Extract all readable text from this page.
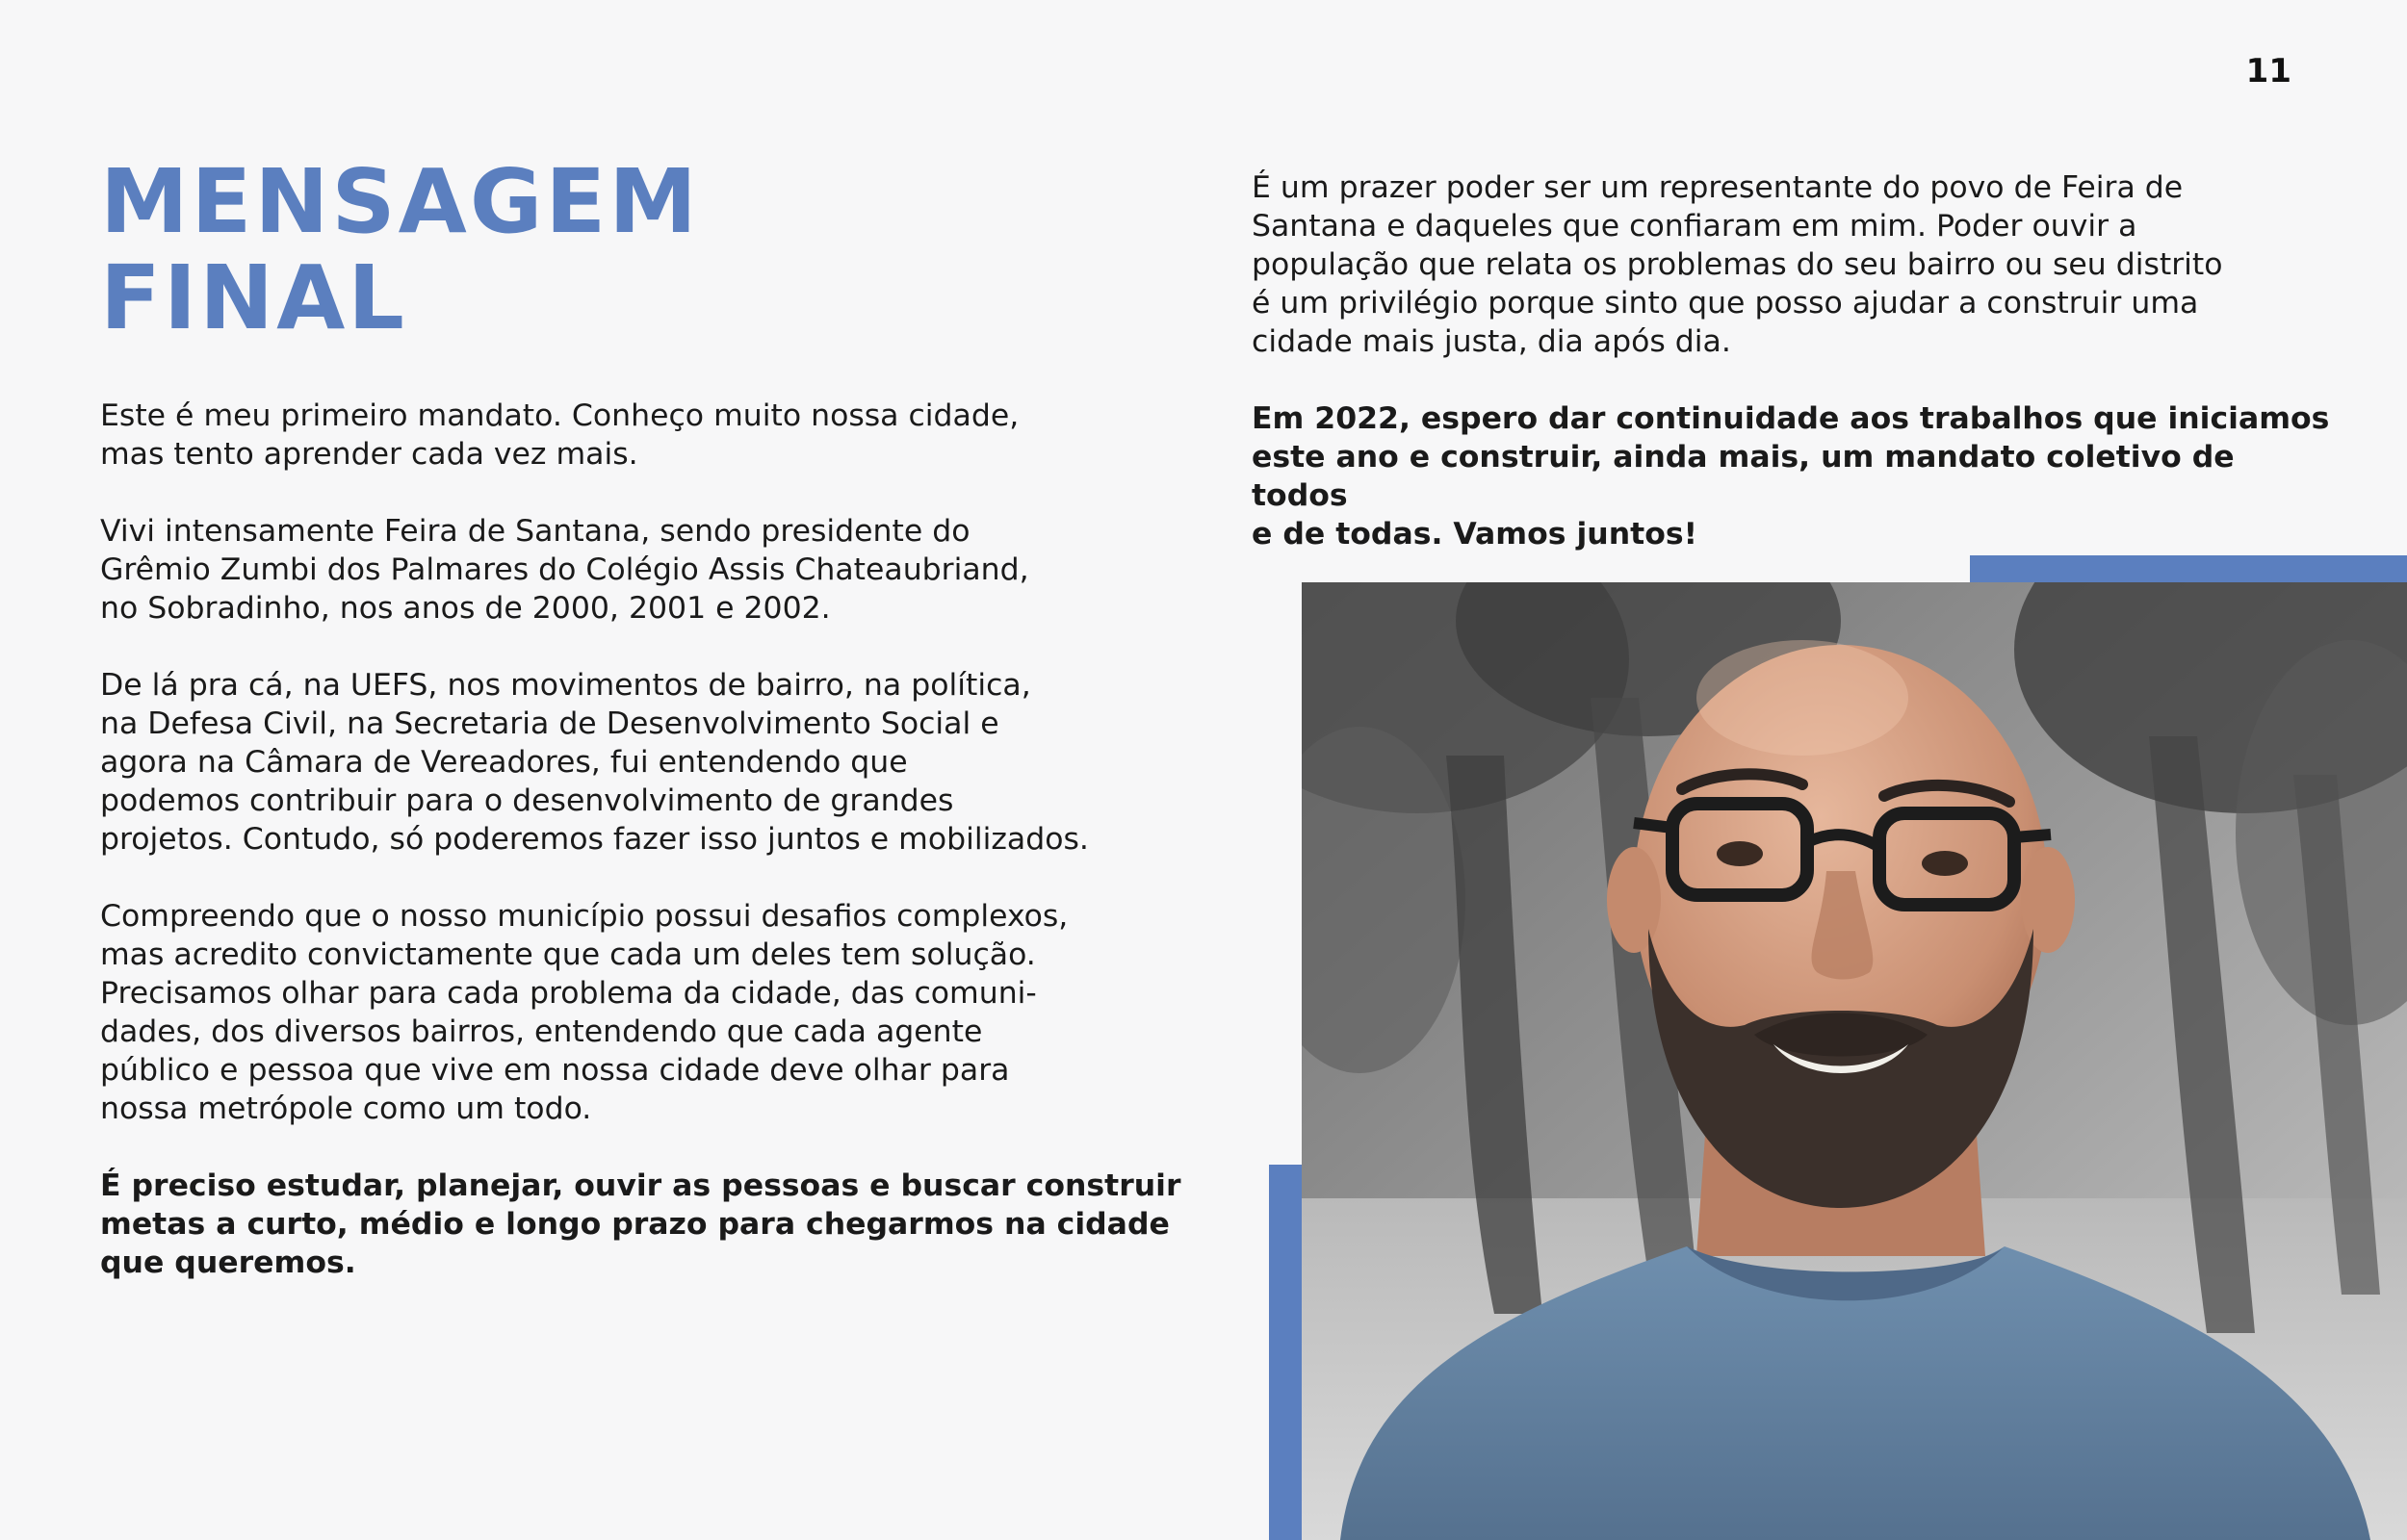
11
MENSAGEM
FINAL

Este é meu primeiro mandato. Conheço muito nossa cidade,
mas tento aprender cada vez mais.

Vivi intensamente Feira de Santana, sendo presidente do
Grêmio Zumbi dos Palmares do Colégio Assis Chateaubriand,
no Sobradinho, nos anos de 2000, 2001 e 2002.

De lá pra cá, na UEFS, nos movimentos de bairro, na política,
na Defesa Civil, na Secretaria de Desenvolvimento Social e
agora na Câmara de Vereadores, fui entendendo que
podemos contribuir para o desenvolvimento de grandes
projetos. Contudo, só poderemos fazer isso juntos e mobilizados.

Compreendo que o nosso município possui desafios complexos,
mas acredito convictamente que cada um deles tem solução.
Precisamos olhar para cada problema da cidade, das comuni-
dades, dos diversos bairros, entendendo que cada agente
público e pessoa que vive em nossa cidade deve olhar para
nossa metrópole como um todo.

É preciso estudar, planejar, ouvir as pessoas e buscar construir
metas a curto, médio e longo prazo para chegarmos na cidade
que queremos.

É um prazer poder ser um representante do povo de Feira de
Santana e daqueles que confiaram em mim. Poder ouvir a
população que relata os problemas do seu bairro ou seu distrito
é um privilégio porque sinto que posso ajudar a construir uma
cidade mais justa, dia após dia.

Em 2022, espero dar continuidade aos trabalhos que iniciamos
este ano e construir, ainda mais, um mandato coletivo de todos
e de todas. Vamos juntos!
